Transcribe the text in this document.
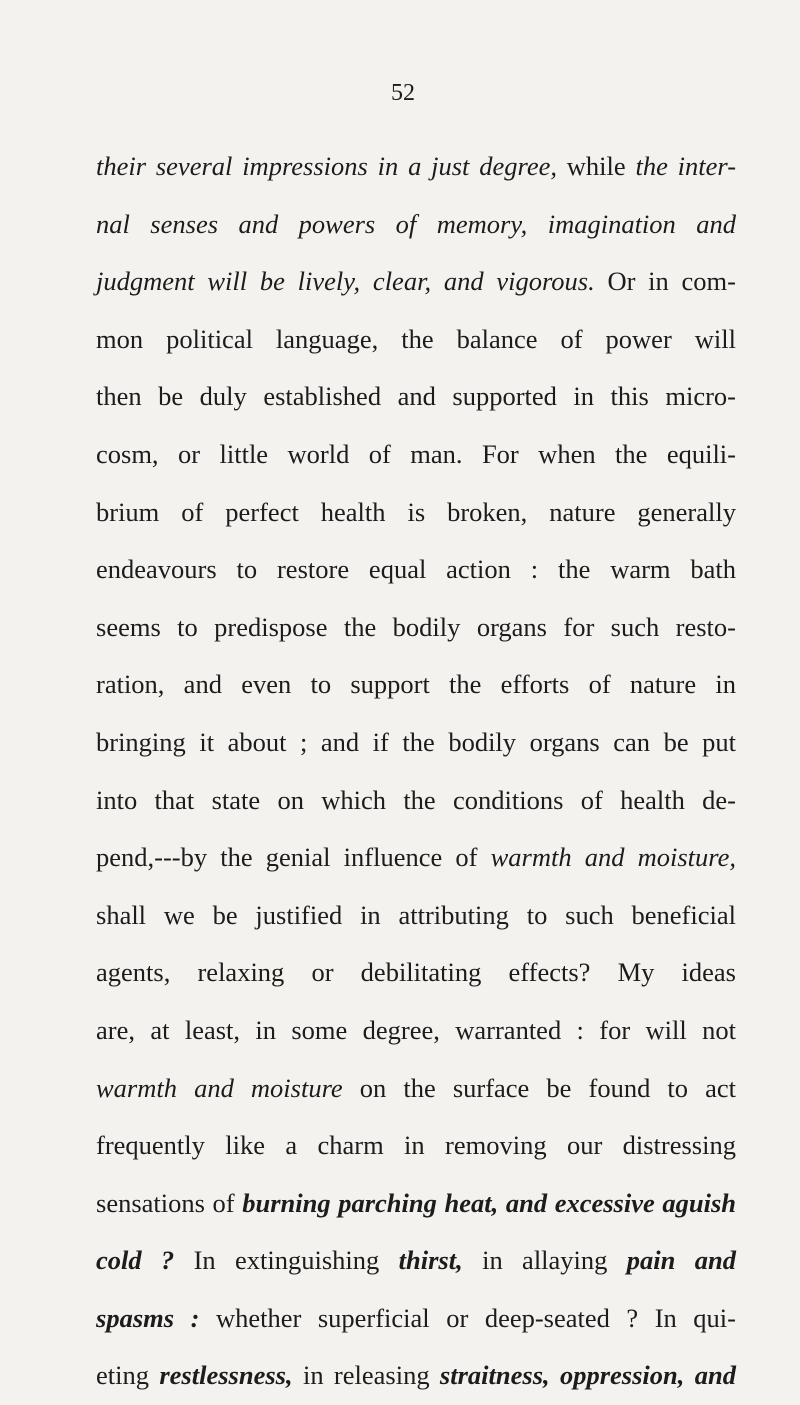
52
their several impressions in a just degree, while the inter-
nal senses and powers of memory, imagination and
judgment will be lively, clear, and vigorous. Or in com-
mon political language, the balance of power will
then be duly established and supported in this micro-
cosm, or little world of man. For when the equili-
brium of perfect health is broken, nature generally
endeavours to restore equal action : the warm bath
seems to predispose the bodily organs for such resto-
ration, and even to support the efforts of nature in
bringing it about ; and if the bodily organs can be put
into that state on which the conditions of health de-
pend,---by the genial influence of warmth and moisture,
shall we be justified in attributing to such beneficial
agents, relaxing or debilitating effects? My ideas
are, at least, in some degree, warranted : for will not
warmth and moisture on the surface be found to act
frequently like a charm in removing our distressing
sensations of burning parching heat, and excessive aguish
cold ? In extinguishing thirst, in allaying pain and
spasms : whether superficial or deep-seated ? In qui-
eting restlessness, in releasing straitness, oppression, and
